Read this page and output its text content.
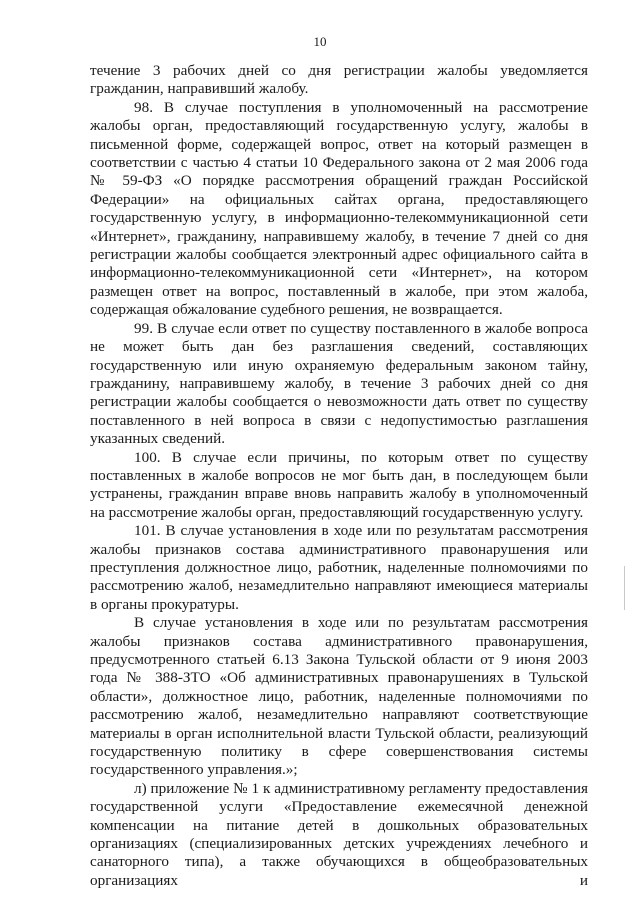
10

течение 3 рабочих дней со дня регистрации жалобы уведомляется гражданин, направивший жалобу.

98. В случае поступления в уполномоченный на рассмотрение жалобы орган, предоставляющий государственную услугу, жалобы в письменной форме, содержащей вопрос, ответ на который размещен в соответствии с частью 4 статьи 10 Федерального закона от 2 мая 2006 года № 59-ФЗ «О порядке рассмотрения обращений граждан Российской Федерации» на официальных сайтах органа, предоставляющего государственную услугу, в информационно-телекоммуникационной сети «Интернет», гражданину, направившему жалобу, в течение 7 дней со дня регистрации жалобы сообщается электронный адрес официального сайта в информационно-телекоммуникационной сети «Интернет», на котором размещен ответ на вопрос, поставленный в жалобе, при этом жалоба, содержащая обжалование судебного решения, не возвращается.

99. В случае если ответ по существу поставленного в жалобе вопроса не может быть дан без разглашения сведений, составляющих государственную или иную охраняемую федеральным законом тайну, гражданину, направившему жалобу, в течение 3 рабочих дней со дня регистрации жалобы сообщается о невозможности дать ответ по существу поставленного в ней вопроса в связи с недопустимостью разглашения указанных сведений.

100. В случае если причины, по которым ответ по существу поставленных в жалобе вопросов не мог быть дан, в последующем были устранены, гражданин вправе вновь направить жалобу в уполномоченный на рассмотрение жалобы орган, предоставляющий государственную услугу.

101. В случае установления в ходе или по результатам рассмотрения жалобы признаков состава административного правонарушения или преступления должностное лицо, работник, наделенные полномочиями по рассмотрению жалоб, незамедлительно направляют имеющиеся материалы в органы прокуратуры.

В случае установления в ходе или по результатам рассмотрения жалобы признаков состава административного правонарушения, предусмотренного статьей 6.13 Закона Тульской области от 9 июня 2003 года № 388-ЗТО «Об административных правонарушениях в Тульской области», должностное лицо, работник, наделенные полномочиями по рассмотрению жалоб, незамедлительно направляют соответствующие материалы в орган исполнительной власти Тульской области, реализующий государственную политику в сфере совершенствования системы государственного управления.»;

л) приложение № 1 к административному регламенту предоставления государственной услуги «Предоставление ежемесячной денежной компенсации на питание детей в дошкольных образовательных организациях (специализированных детских учреждениях лечебного и санаторного типа), а также обучающихся в общеобразовательных организациях и
